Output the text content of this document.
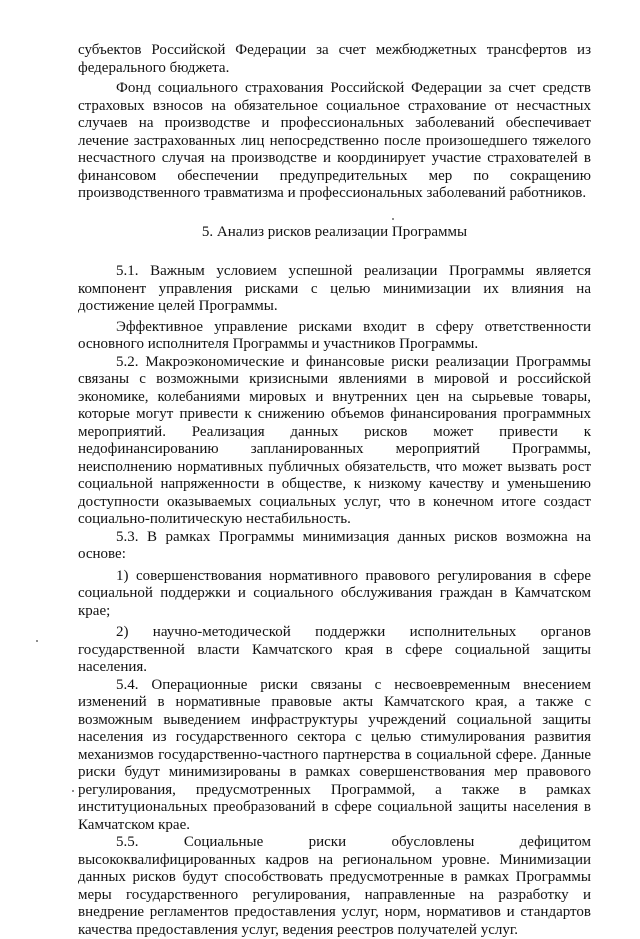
субъектов Российской Федерации за счет межбюджетных трансфертов из федерального бюджета.

Фонд социального страхования Российской Федерации за счет средств страховых взносов на обязательное социальное страхование от несчастных случаев на производстве и профессиональных заболеваний обеспечивает лечение застрахованных лиц непосредственно после произошедшего тяжелого несчастного случая на производстве и координирует участие страхователей в финансовом обеспечении предупредительных мер по сокращению производственного травматизма и профессиональных заболеваний работников.

5. Анализ рисков реализации Программы

5.1. Важным условием успешной реализации Программы является компонент управления рисками с целью минимизации их влияния на достижение целей Программы.

Эффективное управление рисками входит в сферу ответственности основного исполнителя Программы и участников Программы.

5.2. Макроэкономические и финансовые риски реализации Программы связаны с возможными кризисными явлениями в мировой и российской экономике, колебаниями мировых и внутренних цен на сырьевые товары, которые могут привести к снижению объемов финансирования программных мероприятий. Реализация данных рисков может привести к недофинансированию запланированных мероприятий Программы, неисполнению нормативных публичных обязательств, что может вызвать рост социальной напряженности в обществе, к низкому качеству и уменьшению доступности оказываемых социальных услуг, что в конечном итоге создаст социально-политическую нестабильность.

5.3. В рамках Программы минимизация данных рисков возможна на основе:

1) совершенствования нормативного правового регулирования в сфере социальной поддержки и социального обслуживания граждан в Камчатском крае;

2) научно-методической поддержки исполнительных органов государственной власти Камчатского края в сфере социальной защиты населения.

5.4. Операционные риски связаны с несвоевременным внесением изменений в нормативные правовые акты Камчатского края, а также с возможным выведением инфраструктуры учреждений социальной защиты населения из государственного сектора с целью стимулирования развития механизмов государственно-частного партнерства в социальной сфере. Данные риски будут минимизированы в рамках совершенствования мер правового регулирования, предусмотренных Программой, а также в рамках институциональных преобразований в сфере социальной защиты населения в Камчатском крае.

5.5. Социальные риски обусловлены дефицитом высококвалифицированных кадров на региональном уровне. Минимизации данных рисков будут способствовать предусмотренные в рамках Программы меры государственного регулирования, направленные на разработку и внедрение регламентов предоставления услуг, норм, нормативов и стандартов качества предоставления услуг, ведения реестров получателей услуг.
